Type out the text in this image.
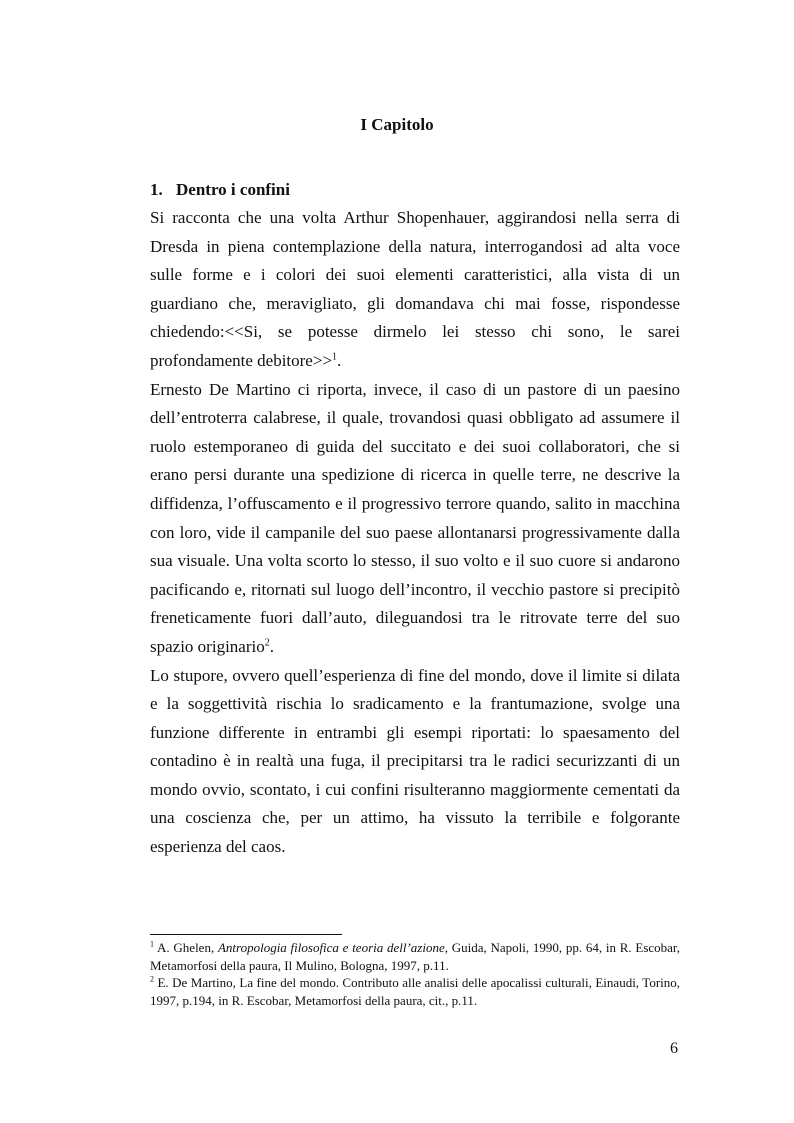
I Capitolo
1. Dentro i confini

Si racconta che una volta Arthur Shopenhauer, aggirandosi nella serra di Dresda in piena contemplazione della natura, interrogandosi ad alta voce sulle forme e i colori dei suoi elementi caratteristici, alla vista di un guardiano che, meravigliato, gli domandava chi mai fosse, rispondesse chiedendo:<<Si, se potesse dirmelo lei stesso chi sono, le sarei profondamente debitore>>$^1$.

Ernesto De Martino ci riporta, invece, il caso di un pastore di un paesino dell’entroterra calabrese, il quale, trovandosi quasi obbligato ad assumere il ruolo estemporaneo di guida del succitato e dei suoi collaboratori, che si erano persi durante una spedizione di ricerca in quelle terre, ne descrive la diffidenza, l’offuscamento e il progressivo terrore quando, salito in macchina con loro, vide il campanile del suo paese allontanarsi progressivamente dalla sua visuale. Una volta scorto lo stesso, il suo volto e il suo cuore si andarono pacificando e, ritornati sul luogo dell’incontro, il vecchio pastore si precipitò freneticamente fuori dall’auto, dileguandosi tra le ritrovate terre del suo spazio originario$^2$.

Lo stupore, ovvero quell’esperienza di fine del mondo, dove il limite si dilata e la soggettività rischia lo sradicamento e la frantumazione, svolge una funzione differente in entrambi gli esempi riportati: lo spaesamento del contadino è in realtà una fuga, il precipitarsi tra le radici securizzanti di un mondo ovvio, scontato, i cui confini risulteranno maggiormente cementati da una coscienza che, per un attimo, ha vissuto la terribile e folgorante esperienza del caos.

$^1$ A. Ghelen, Antropologia filosofica e teoria dell’azione, Guida, Napoli, 1990, pp. 64, in R. Escobar, Metamorfosi della paura, Il Mulino, Bologna, 1997, p.11.

$^2$ E. De Martino, La fine del mondo. Contributo alle analisi delle apocalissi culturali, Einaudi, Torino, 1997, p.194, in R. Escobar, Metamorfosi della paura, cit., p.11.

6
